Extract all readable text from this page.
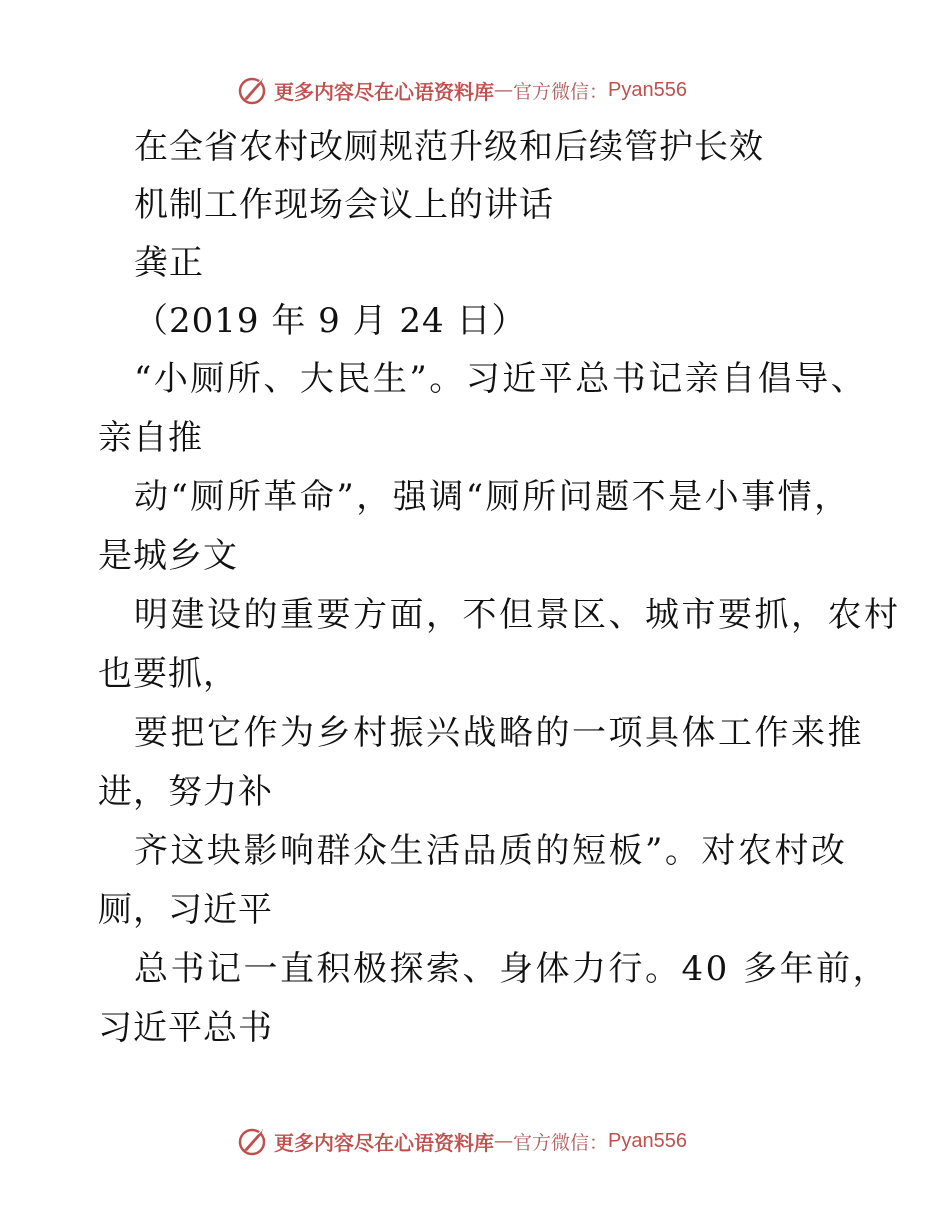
更多内容尽在心语资料库 — 官方微信： Pyan556
在全省农村改厕规范升级和后续管护长效
机制工作现场会议上的讲话
龚正
（2019 年 9 月 24 日）
“小厕所、大民生”。习近平总书记亲自倡导、
亲自推
动“厕所革命”，强调“厕所问题不是小事情，
是城乡文
明建设的重要方面，不但景区、城市要抓，农村
也要抓，
要把它作为乡村振兴战略的一项具体工作来推
进，努力补
齐这块影响群众生活品质的短板”。对农村改
厕，习近平
总书记一直积极探索、身体力行。40 多年前，
习近平总书
更多内容尽在心语资料库 — 官方微信： Pyan556
